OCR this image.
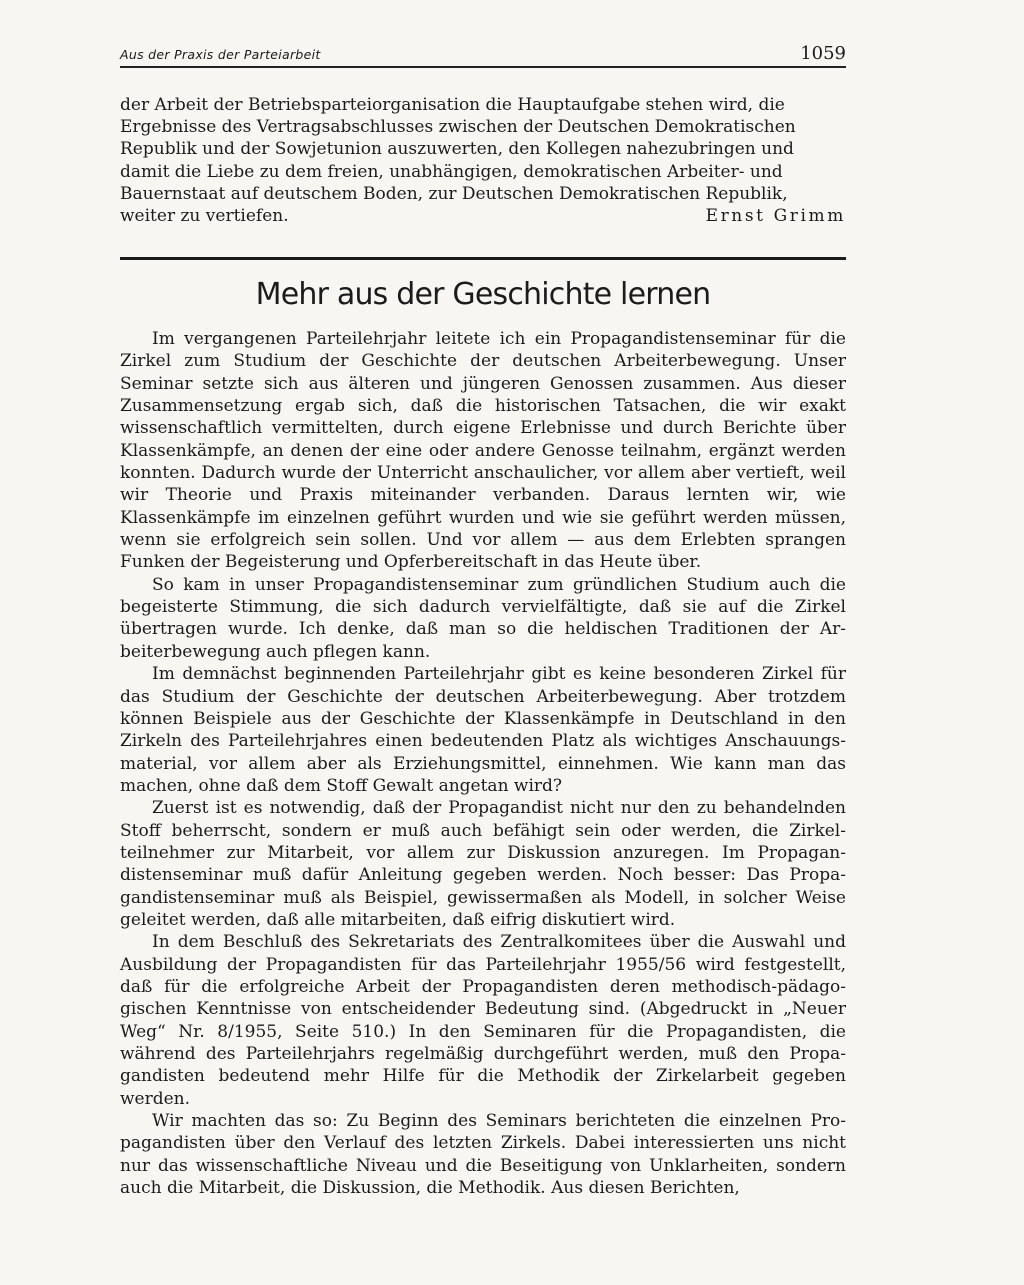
Aus der Praxis der Parteiarbeit	1059
der Arbeit der Betriebsparteiorganisation die Hauptaufgabe stehen wird, die
Ergebnisse des Vertragsabschlusses zwischen der Deutschen Demokratischen
Republik und der Sowjetunion auszuwerten, den Kollegen nahezubringen und
damit die Liebe zu dem freien, unabhängigen, demokratischen Arbeiter- und
Bauernstaat auf deutschem Boden, zur Deutschen Demokratischen Republik,
weiter zu vertiefen.	Ernst Grimm
Mehr aus der Geschichte lernen

Im vergangenen Parteilehrjahr leitete ich ein Propagandistenseminar für die Zirkel zum Studium der Geschichte der deutschen Arbeiterbewegung. Unser Seminar setzte sich aus älteren und jüngeren Genossen zusammen. Aus dieser Zusammensetzung ergab sich, daß die historischen Tatsachen, die wir exakt wissenschaftlich vermittelten, durch eigene Erlebnisse und durch Berichte über Klassenkämpfe, an denen der eine oder andere Genosse teilnahm, ergänzt werden konnten. Dadurch wurde der Unterricht anschaulicher, vor allem aber vertieft, weil wir Theorie und Praxis miteinander verbanden. Daraus lernten wir, wie Klassenkämpfe im einzelnen geführt wurden und wie sie geführt werden müssen, wenn sie erfolgreich sein sollen. Und vor allem — aus dem Erlebten sprangen Funken der Begeisterung und Opferbereitschaft in das Heute über.

So kam in unser Propagandistenseminar zum gründlichen Studium auch die begeisterte Stimmung, die sich dadurch vervielfältigte, daß sie auf die Zirkel übertragen wurde. Ich denke, daß man so die heldischen Traditionen der Arbeiterbewegung auch pflegen kann.

Im demnächst beginnenden Parteilehrjahr gibt es keine besonderen Zirkel für das Studium der Geschichte der deutschen Arbeiterbewegung. Aber trotzdem können Beispiele aus der Geschichte der Klassenkämpfe in Deutschland in den Zirkeln des Parteilehrjahres einen bedeutenden Platz als wichtiges Anschauungsmaterial, vor allem aber als Erziehungsmittel, einnehmen. Wie kann man das machen, ohne daß dem Stoff Gewalt angetan wird?

Zuerst ist es notwendig, daß der Propagandist nicht nur den zu behandelnden Stoff beherrscht, sondern er muß auch befähigt sein oder werden, die Zirkelteilnehmer zur Mitarbeit, vor allem zur Diskussion anzuregen. Im Propagandistenseminar muß dafür Anleitung gegeben werden. Noch besser: Das Propagandistenseminar muß als Beispiel, gewissermaßen als Modell, in solcher Weise geleitet werden, daß alle mitarbeiten, daß eifrig diskutiert wird.

In dem Beschluß des Sekretariats des Zentralkomitees über die Auswahl und Ausbildung der Propagandisten für das Parteilehrjahr 1955/56 wird festgestellt, daß für die erfolgreiche Arbeit der Propagandisten deren methodisch-pädagogischen Kenntnisse von entscheidender Bedeutung sind. (Abgedruckt in „Neuer Weg“ Nr. 8/1955, Seite 510.) In den Seminaren für die Propagandisten, die während des Parteilehrjahrs regelmäßig durchgeführt werden, muß den Propagandisten bedeutend mehr Hilfe für die Methodik der Zirkelarbeit gegeben werden.

Wir machten das so: Zu Beginn des Seminars berichteten die einzelnen Propagandisten über den Verlauf des letzten Zirkels. Dabei interessierten uns nicht nur das wissenschaftliche Niveau und die Beseitigung von Unklarheiten, sondern auch die Mitarbeit, die Diskussion, die Methodik. Aus diesen Berichten,
